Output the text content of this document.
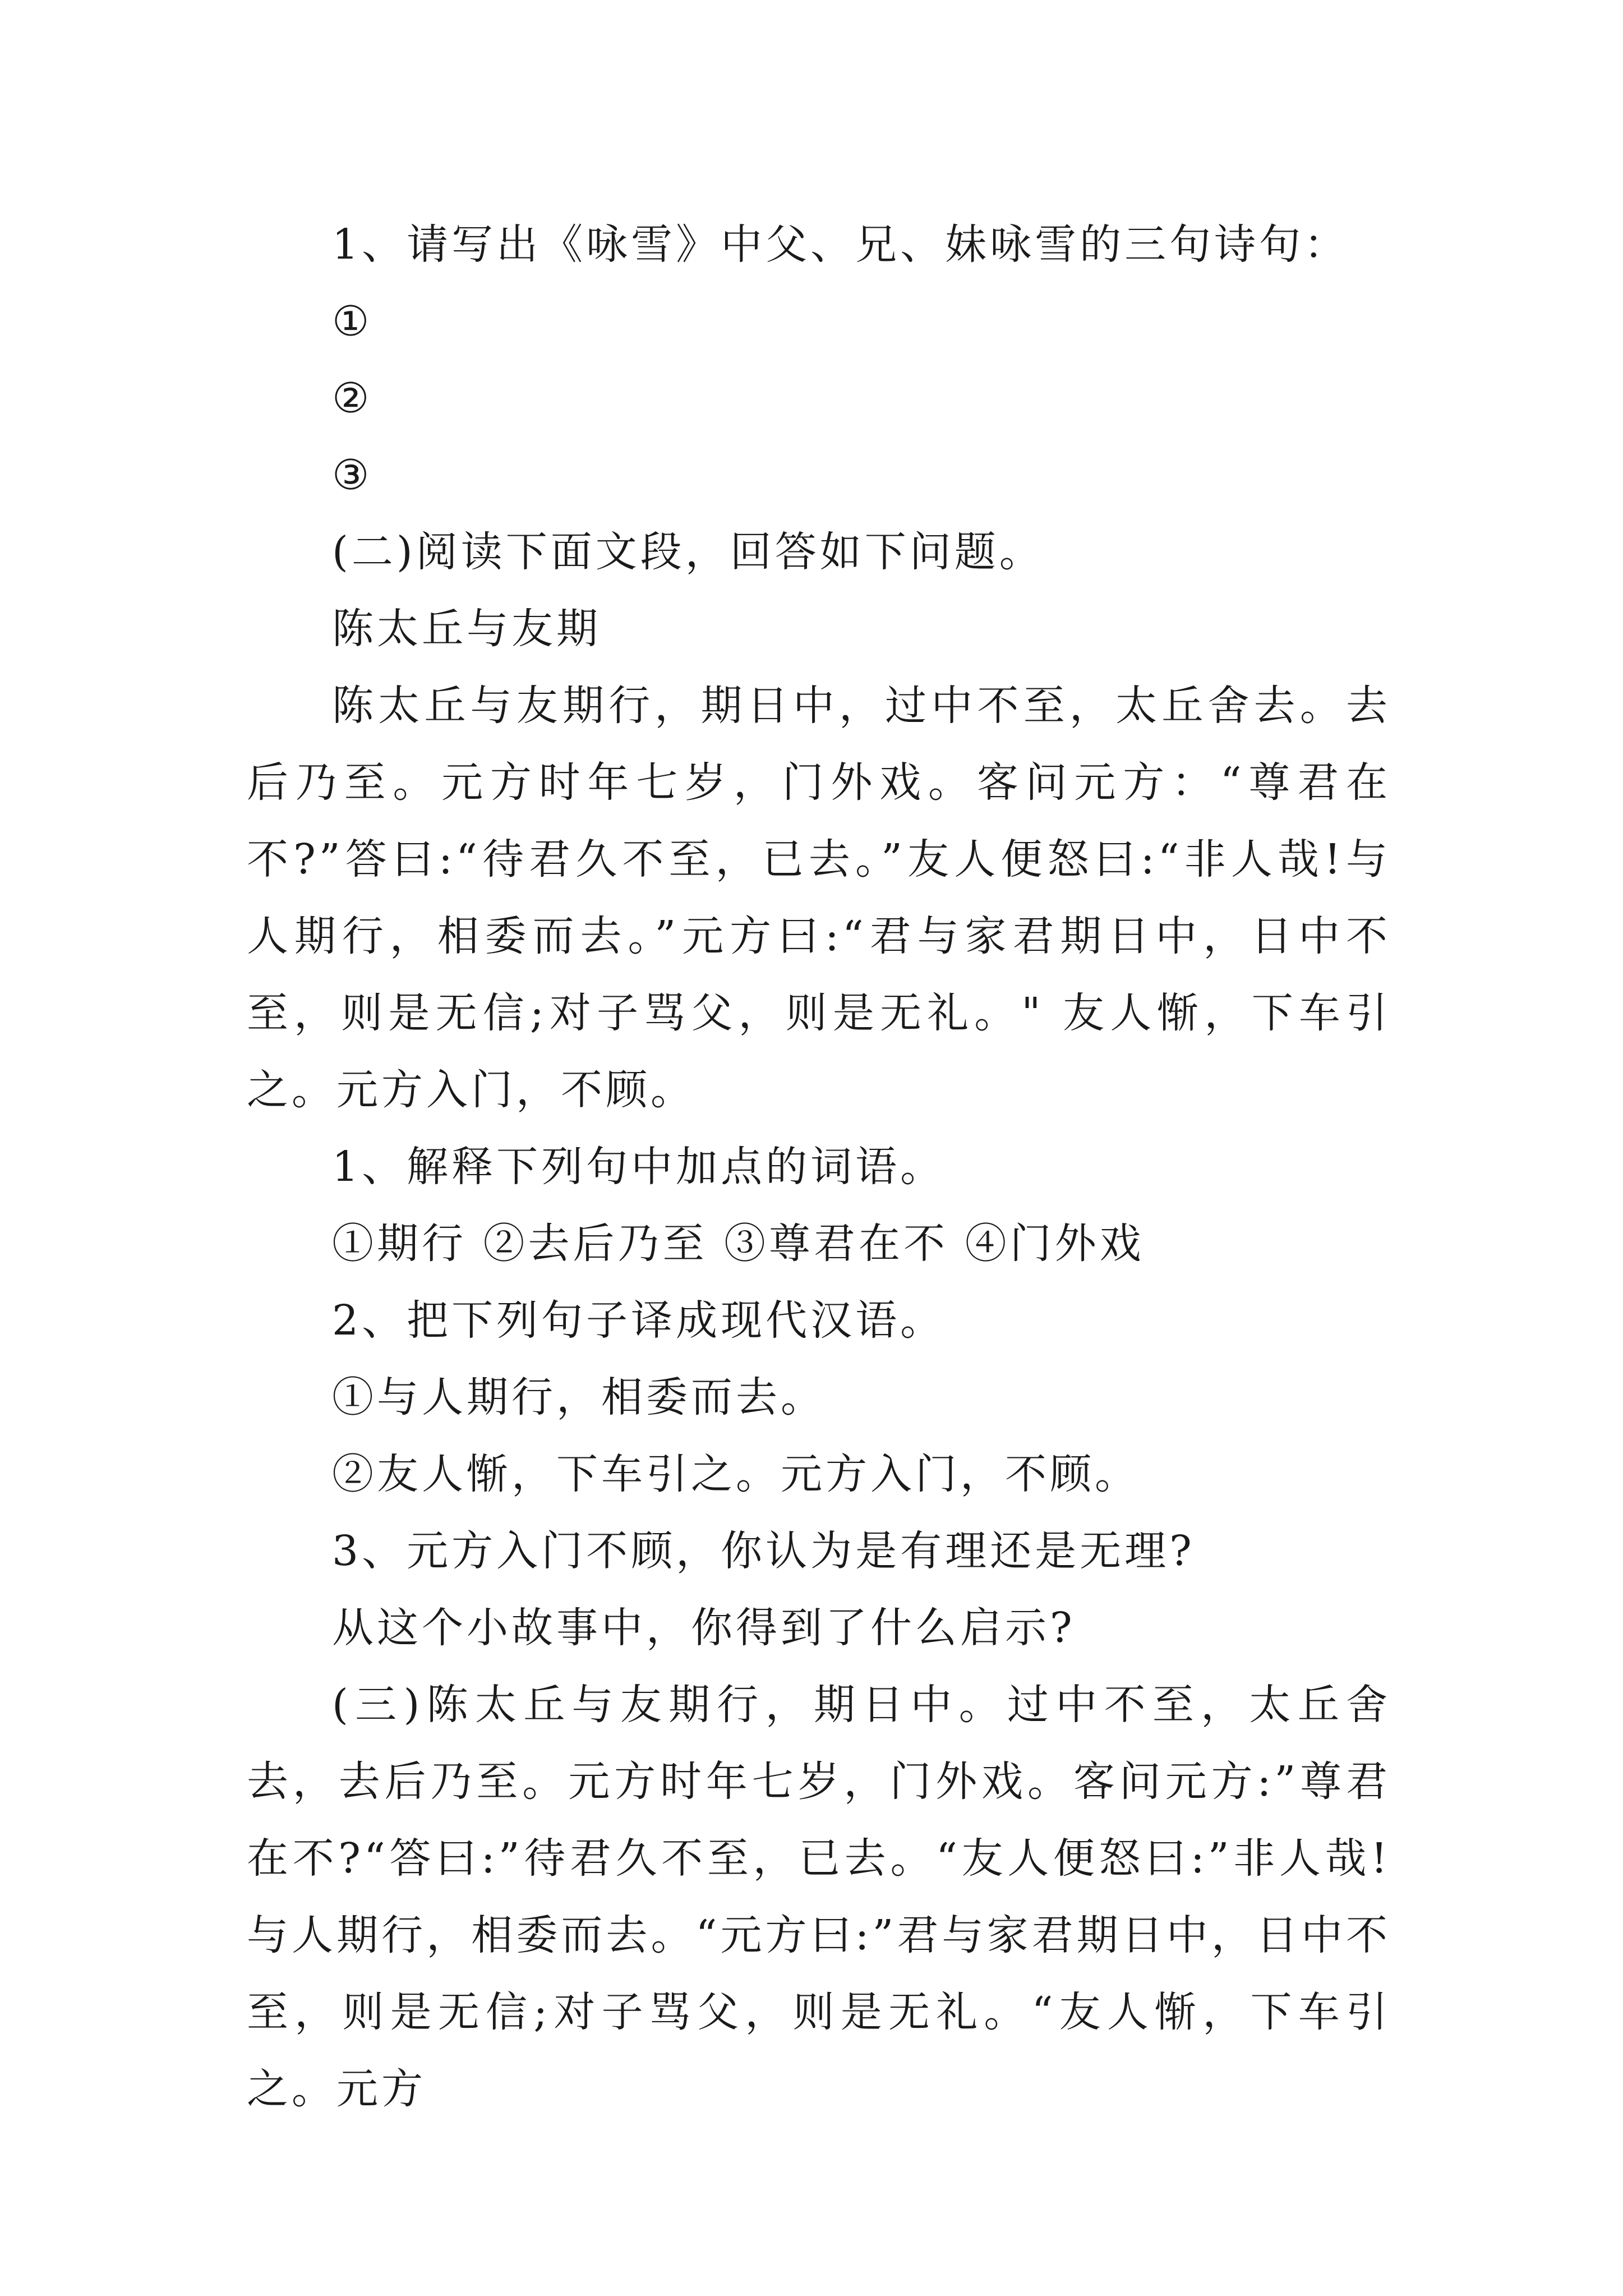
1、请写出《咏雪》中父、兄、妹咏雪的三句诗句：

①

②

③

(二)阅读下面文段，回答如下问题。

陈太丘与友期

陈太丘与友期行，期日中，过中不至，太丘舍去。去后乃至。元方时年七岁，门外戏。客问元方：“尊君在不?”答曰:“待君久不至，已去。”友人便怒曰:“非人哉!与人期行，相委而去。”元方曰:“君与家君期日中，日中不至，则是无信;对子骂父，则是无礼。" 友人惭，下车引之。元方入门，不顾。

1、解释下列句中加点的词语。

①期行 ②去后乃至 ③尊君在不 ④门外戏

2、把下列句子译成现代汉语。

①与人期行，相委而去。

②友人惭，下车引之。元方入门，不顾。

3、元方入门不顾，你认为是有理还是无理?

从这个小故事中，你得到了什么启示?

(三)陈太丘与友期行，期日中。过中不至，太丘舍去，去后乃至。元方时年七岁，门外戏。客问元方:”尊君在不?“答曰:”待君久不至，已去。“友人便怒曰:”非人哉!与人期行，相委而去。“元方曰:”君与家君期日中，日中不至，则是无信;对子骂父，则是无礼。“友人惭，下车引之。元方
